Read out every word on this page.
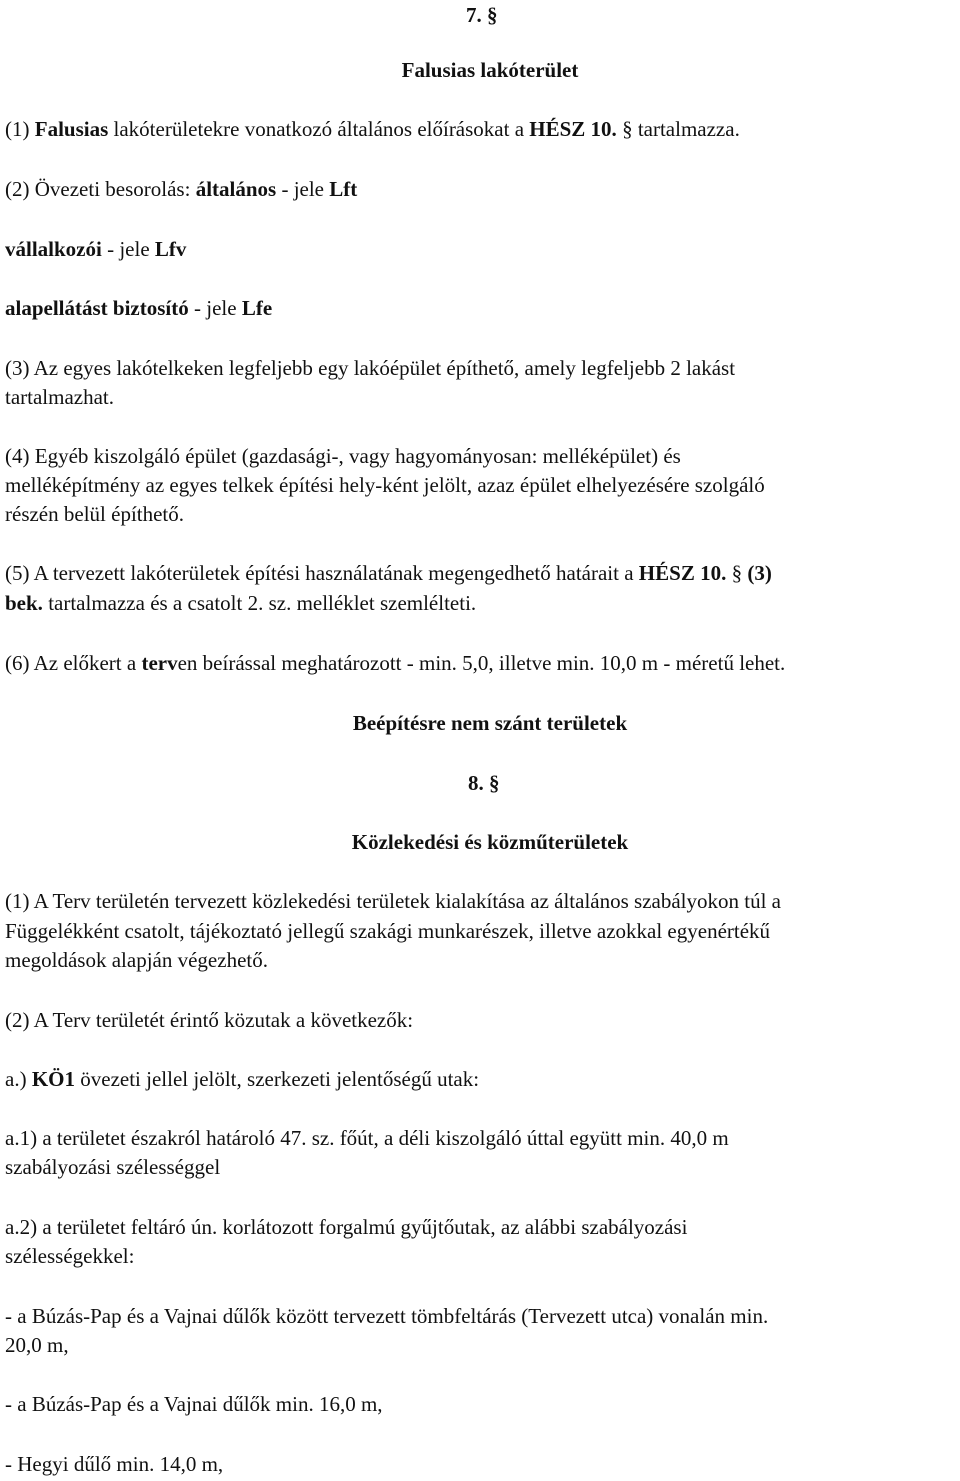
7. §
Falusias lakóterület
(1) Falusias lakóterületekre vonatkozó általános előírásokat a HÉSZ 10. § tartalmazza.
(2) Övezeti besorolás: általános - jele Lft
vállalkozói - jele Lfv
alapellátást biztosító - jele Lfe
(3) Az egyes lakótelkeken legfeljebb egy lakóépület építhető, amely legfeljebb 2 lakást
tartalmazhat.
(4) Egyéb kiszolgáló épület (gazdasági-, vagy hagyományosan: melléképület) és
melléképítmény az egyes telkek építési hely-ként jelölt, azaz épület elhelyezésére szolgáló
részén belül építhető.
(5) A tervezett lakóterületek építési használatának megengedhető határait a HÉSZ 10. § (3)
bek. tartalmazza és a csatolt 2. sz. melléklet szemlélteti.
(6) Az előkert a terven beírással meghatározott - min. 5,0, illetve min. 10,0 m - méretű lehet.
Beépítésre nem szánt területek
8. §
Közlekedési és közműterületek
(1) A Terv területén tervezett közlekedési területek kialakítása az általános szabályokon túl a
Függelékként csatolt, tájékoztató jellegű szakági munkarészek, illetve azokkal egyenértékű
megoldások alapján végezhető.
(2) A Terv területét érintő közutak a következők:
a.) KÖ1 övezeti jellel jelölt, szerkezeti jelentőségű utak:
a.1) a területet északról határoló 47. sz. főút, a déli kiszolgáló úttal együtt min. 40,0 m
szabályozási szélességgel
a.2) a területet feltáró ún. korlátozott forgalmú gyűjtőutak, az alábbi szabályozási
szélességekkel:
- a Búzás-Pap és a Vajnai dűlők között tervezett tömbfeltárás (Tervezett utca) vonalán min.
20,0 m,
- a Búzás-Pap és a Vajnai dűlők min. 16,0 m,
- Hegyi dűlő min. 14,0 m,
